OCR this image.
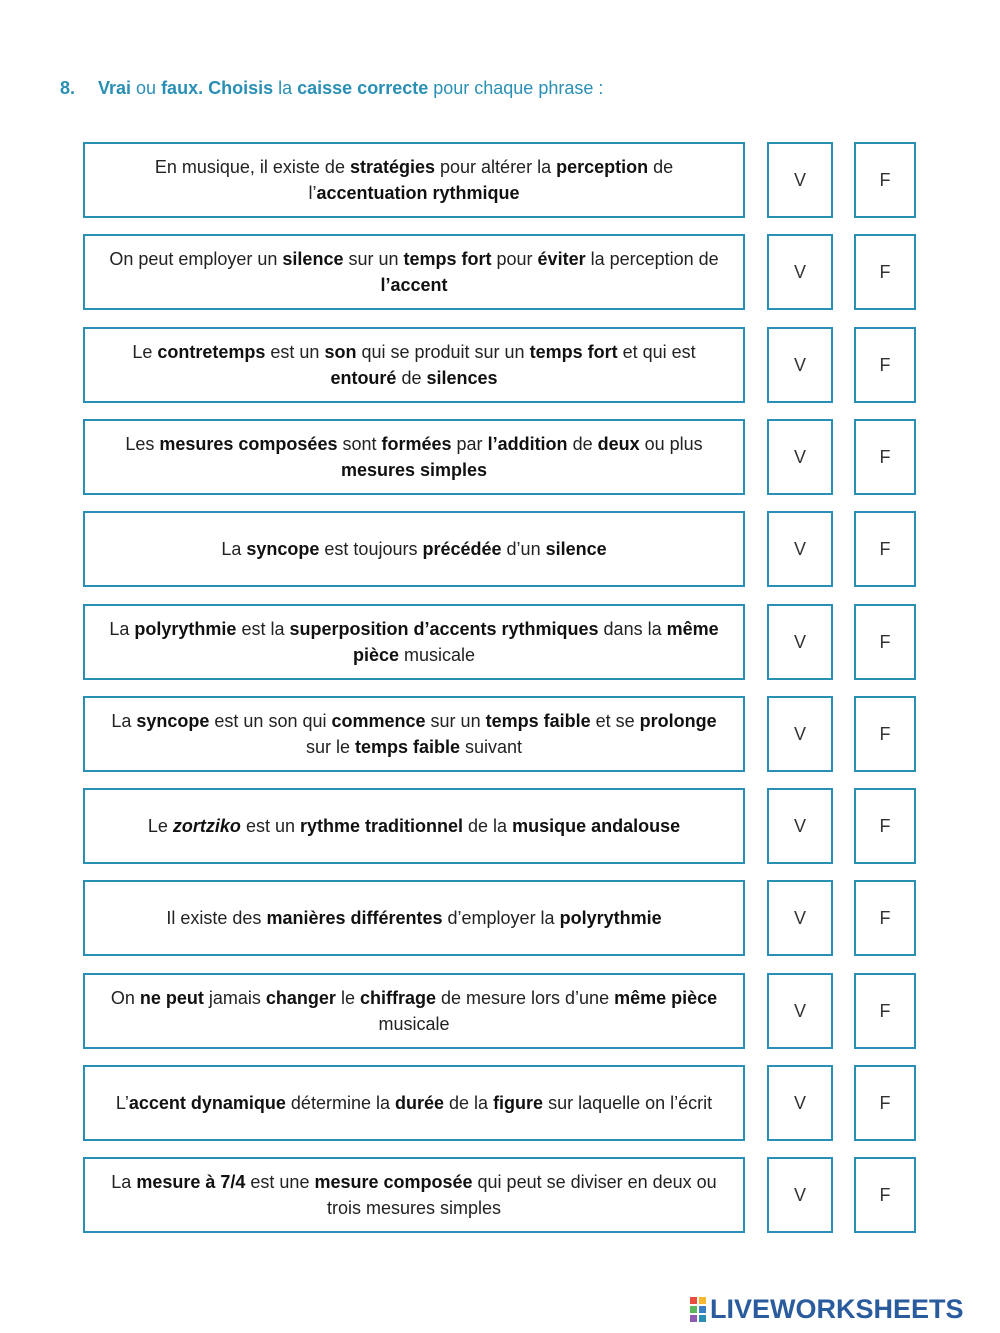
8. Vrai ou faux. Choisis la caisse correcte pour chaque phrase :
En musique, il existe de stratégies pour altérer la perception de l’accentuation rythmique
V	F
On peut employer un silence sur un temps fort pour éviter la perception de l’accent
V	F
Le contretemps est un son qui se produit sur un temps fort et qui est entouré de silences
V	F
Les mesures composées sont formées par l’addition de deux ou plus mesures simples
V	F
La syncope est toujours précédée d’un silence	V	F
La polyrythmie est la superposition d’accents rythmiques dans la même pièce musicale
V	F
La syncope est un son qui commence sur un temps faible et se prolonge sur le temps faible suivant
V	F
Le zortziko est un rythme traditionnel de la musique andalouse	V	F
Il existe des manières différentes d’employer la polyrythmie	V	F
On ne peut jamais changer le chiffrage de mesure lors d’une même pièce musicale
V	F
L’accent dynamique détermine la durée de la figure sur laquelle on l’écrit	V	F
La mesure à 7/4 est une mesure composée qui peut se diviser en deux ou trois mesures simples
V	F
LIVEWORKSHEETS
